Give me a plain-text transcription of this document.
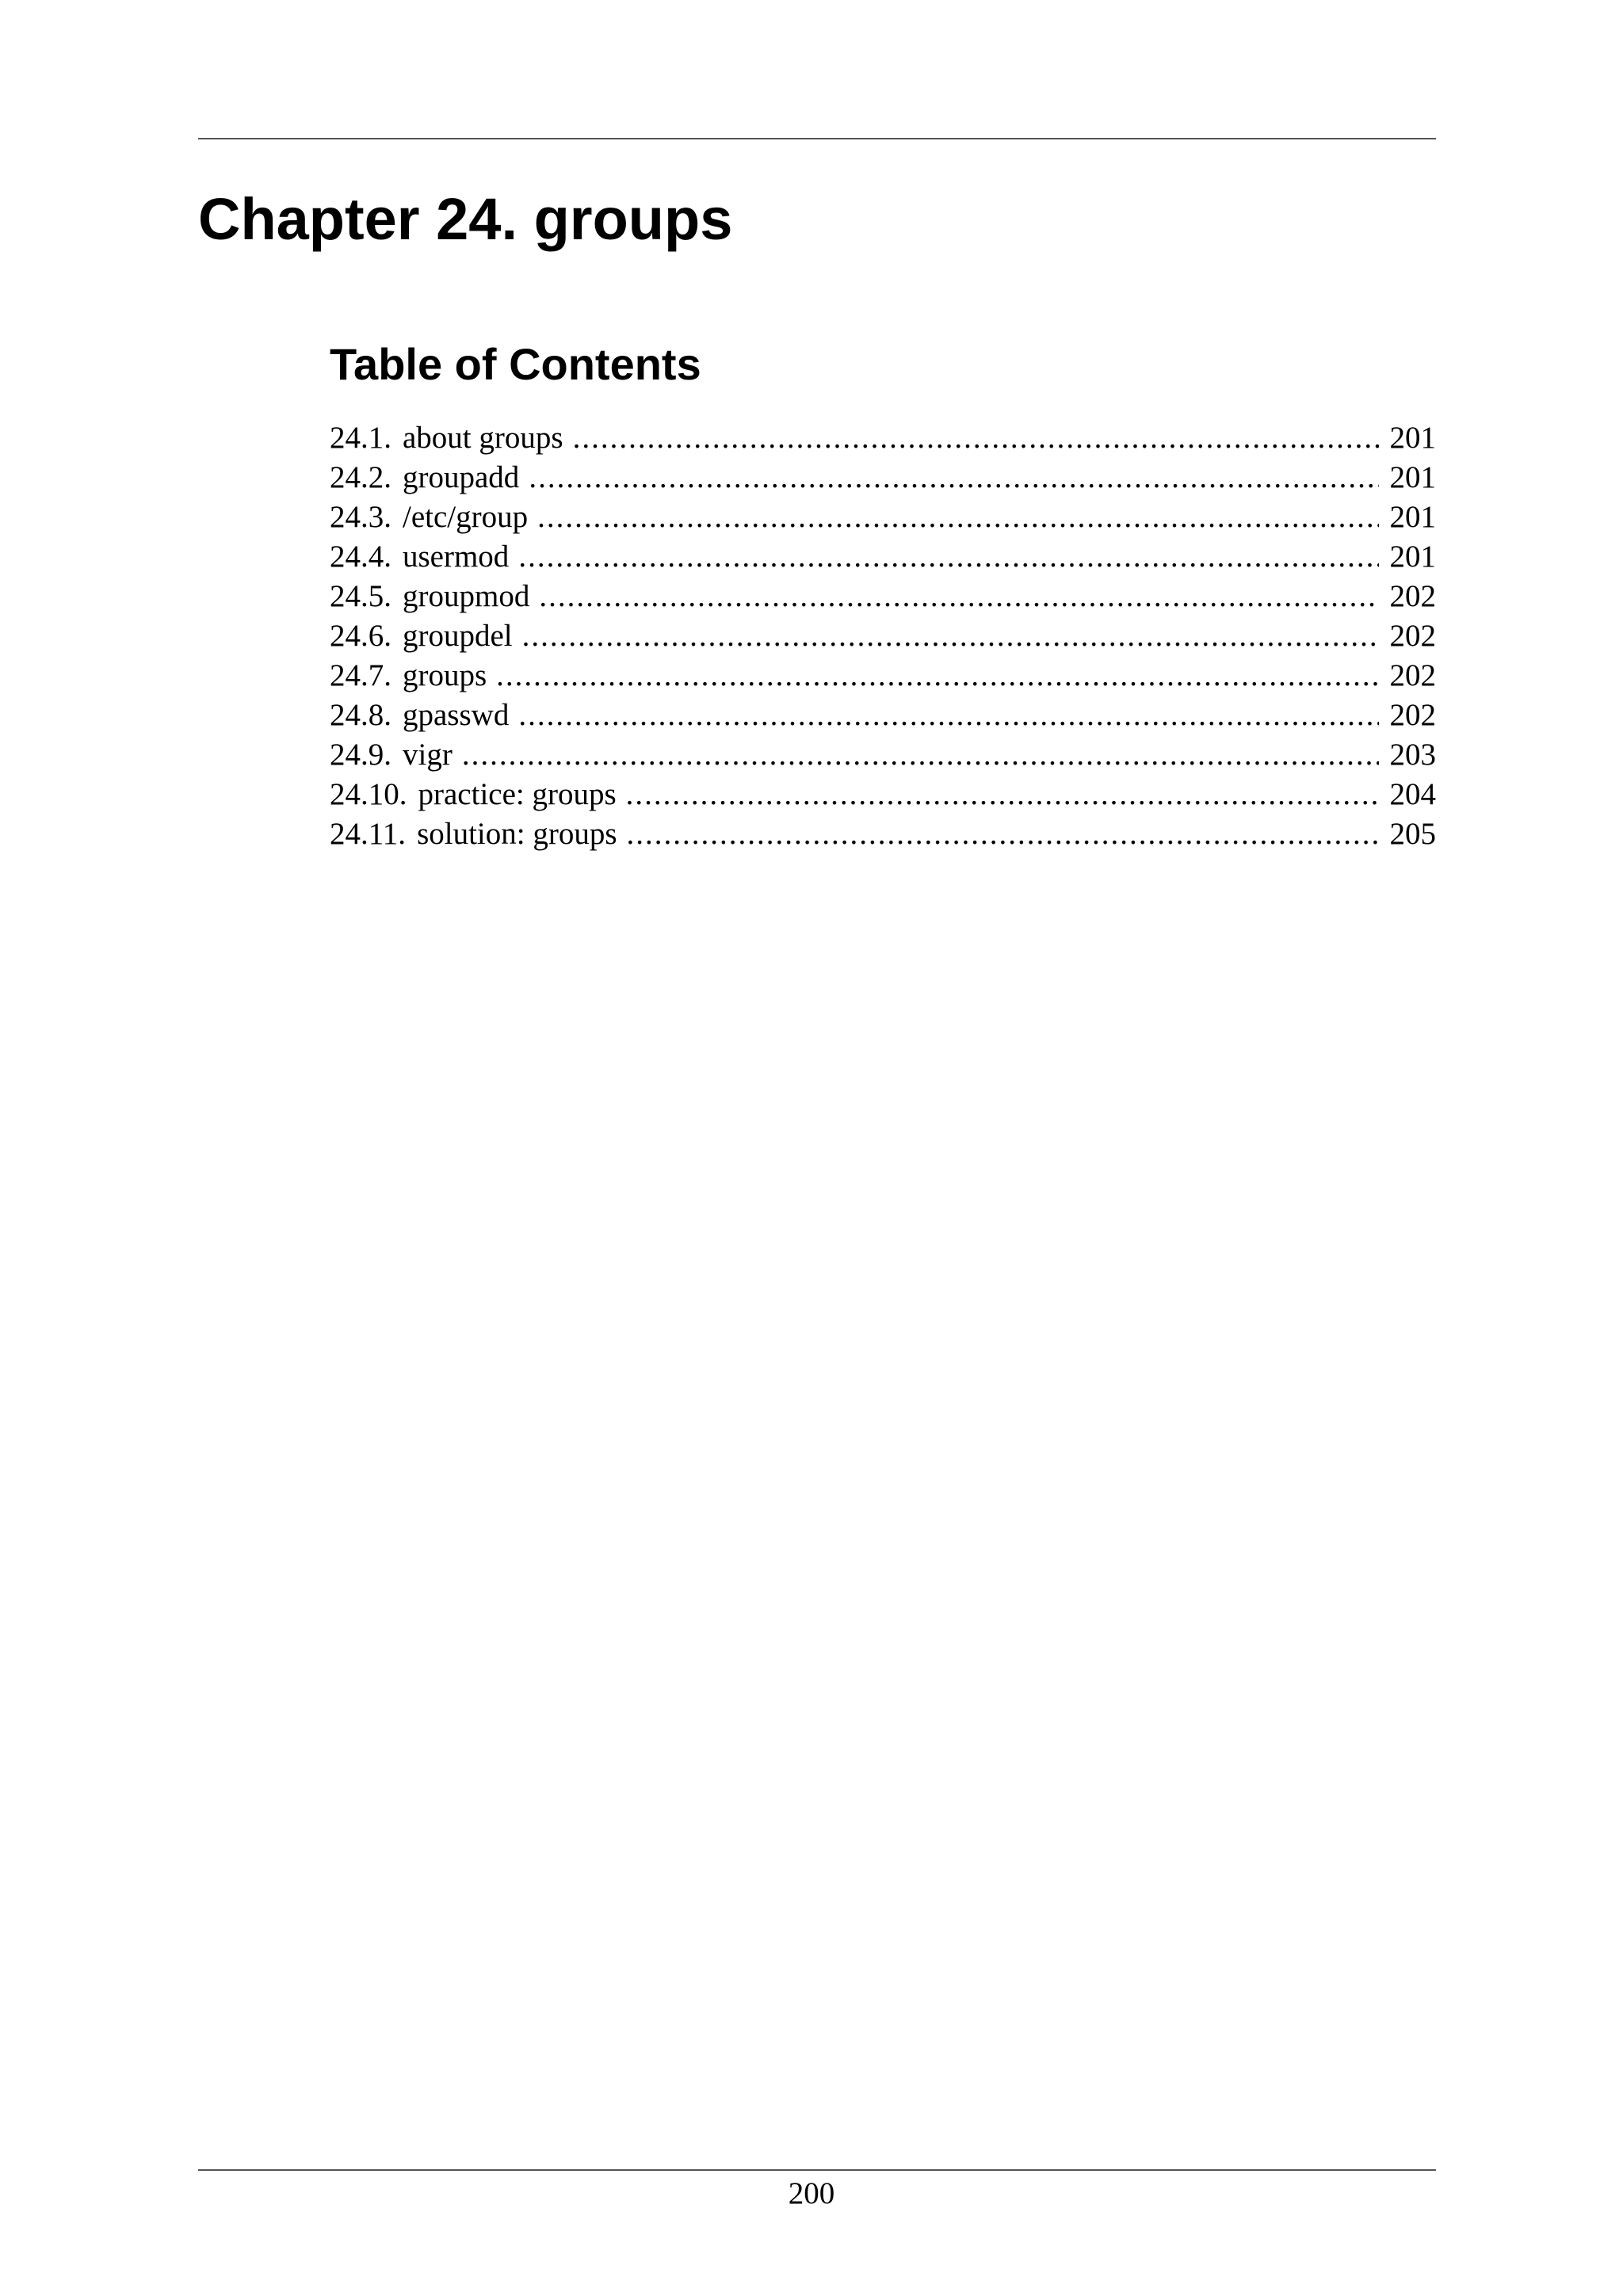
Chapter 24. groups
Table of Contents
24.1. about groups .....	201
24.2. groupadd .....	201
24.3. /etc/group .....	201
24.4. usermod .....	201
24.5. groupmod .....	202
24.6. groupdel .....	202
24.7. groups .....	202
24.8. gpasswd .....	202
24.9. vigr .....	203
24.10. practice: groups .....	204
24.11. solution: groups .....	205
200
